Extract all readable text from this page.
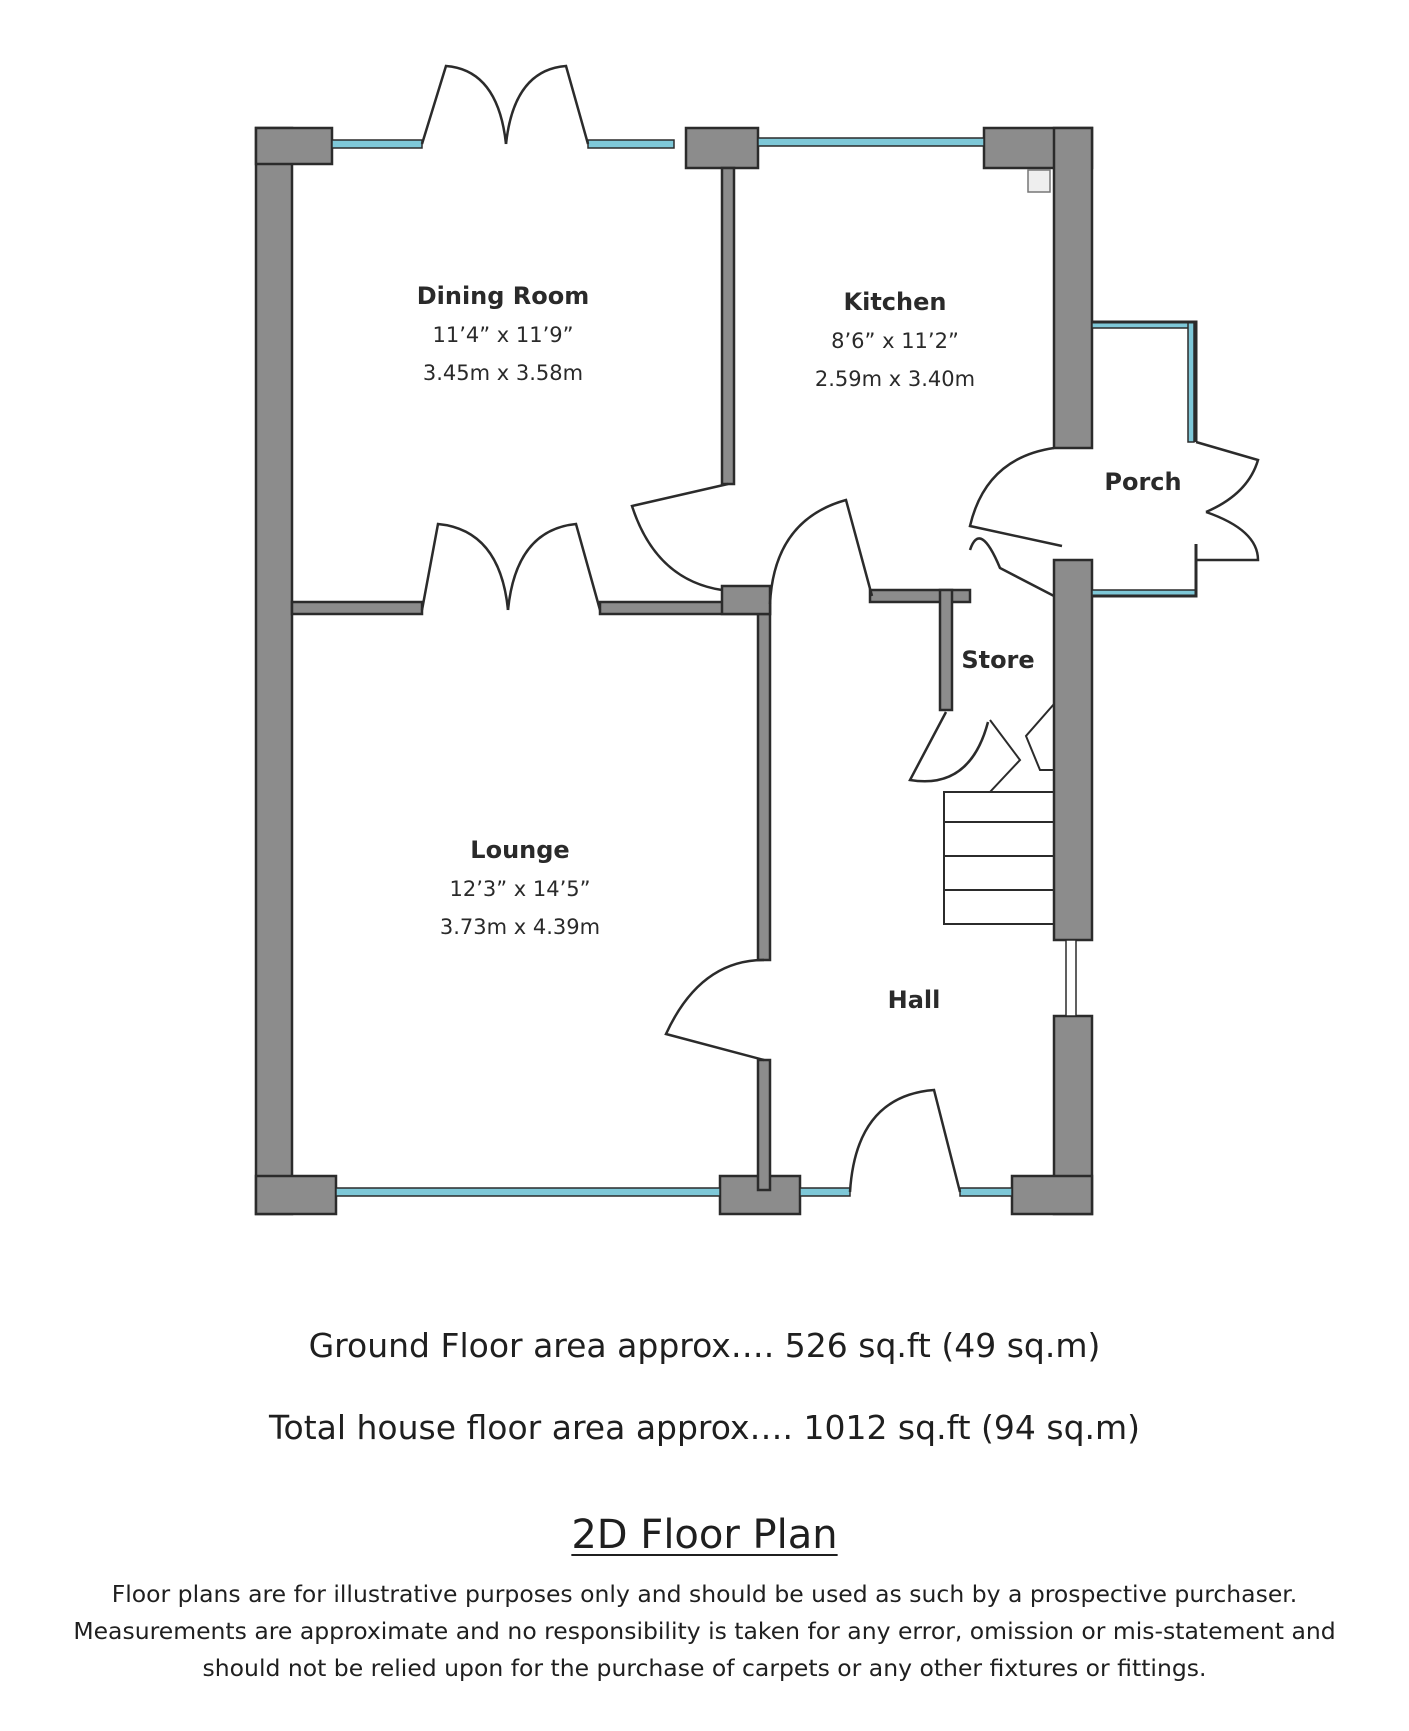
Dining Room
11’4” x 11’9”
3.45m x 3.58m
Kitchen
8’6” x 11’2”
2.59m x 3.40m
Porch
Store
Lounge
12’3” x 14’5”
3.73m x 4.39m
Hall
Ground Floor area approx…. 526 sq.ft (49 sq.m)
Total house floor area approx…. 1012 sq.ft (94 sq.m)
2D Floor Plan
Floor plans are for illustrative purposes only and should be used as such by a prospective purchaser.
Measurements are approximate and no responsibility is taken for any error, omission or mis-statement and
should not be relied upon for the purchase of carpets or any other fixtures or fittings.
